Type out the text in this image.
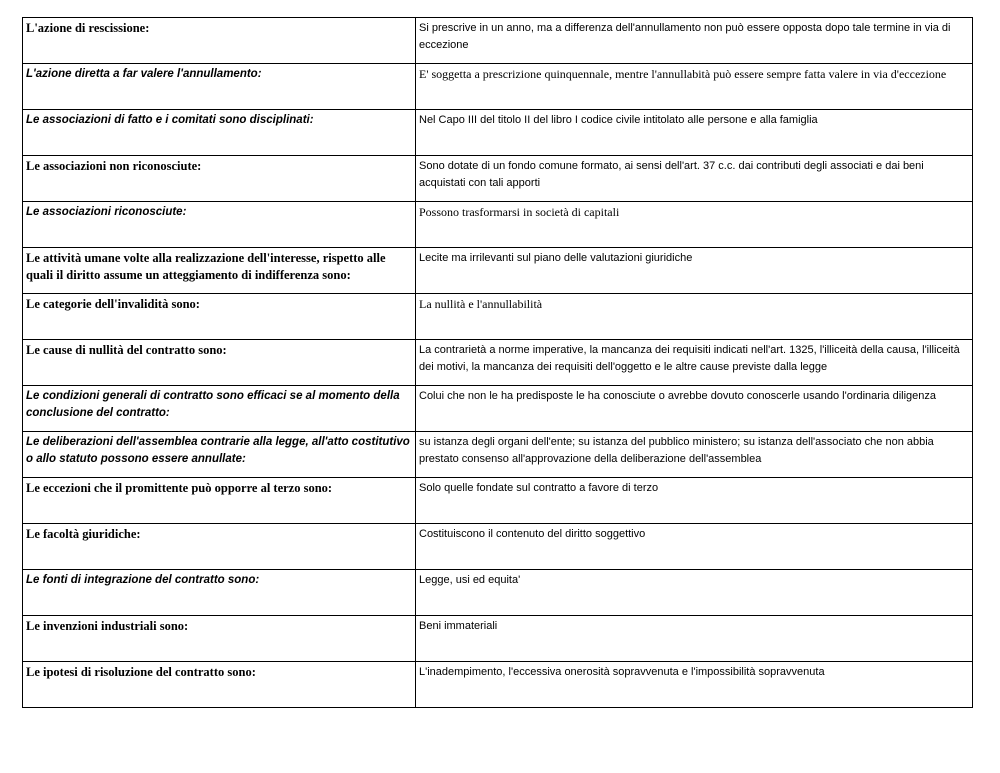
L'azione di rescissione:	Si prescrive in un anno, ma a differenza dell'annullamento non può essere opposta dopo tale termine in via di eccezione
L'azione diretta a far valere l'annullamento:	E' soggetta a prescrizione quinquennale, mentre l'annullabità può essere sempre fatta valere in via d'eccezione
Le associazioni di fatto e i comitati sono disciplinati:	Nel Capo III del titolo II del libro I codice civile intitolato alle persone e alla famiglia
Le associazioni non riconosciute:	Sono dotate di un fondo comune formato, ai sensi dell'art. 37 c.c. dai contributi degli associati e dai beni acquistati con tali apporti
Le associazioni riconosciute:	Possono trasformarsi in società di capitali
Le attività umane volte alla realizzazione dell'interesse, rispetto alle quali il diritto assume un atteggiamento di indifferenza sono:	Lecite ma irrilevanti sul piano delle valutazioni giuridiche
Le categorie dell'invalidità sono:	La nullità e l'annullabilità
Le cause di nullità del contratto sono:	La contrarietà a norme imperative, la mancanza dei requisiti indicati nell'art. 1325, l'illiceità della causa, l'illiceità dei motivi, la mancanza dei requisiti dell'oggetto e le altre cause previste dalla legge
Le condizioni generali di contratto sono efficaci se al momento della conclusione del contratto:	Colui che non le ha predisposte le ha conosciute o avrebbe dovuto conoscerle usando l'ordinaria diligenza
Le deliberazioni dell'assemblea contrarie alla legge, all'atto costitutivo o allo statuto possono essere annullate:	su istanza degli organi dell'ente; su istanza del pubblico ministero; su istanza dell'associato che non abbia prestato consenso all'approvazione della deliberazione dell'assemblea
Le eccezioni che il promittente può opporre al terzo sono:	Solo quelle fondate sul contratto a favore di terzo
Le facoltà giuridiche:	Costituiscono il contenuto del diritto soggettivo
Le fonti di integrazione del contratto sono:	Legge, usi ed equita'
Le invenzioni industriali sono:	Beni immateriali
Le ipotesi di risoluzione del contratto sono:	L'inadempimento, l'eccessiva onerosità sopravvenuta e l'impossibilità sopravvenuta
